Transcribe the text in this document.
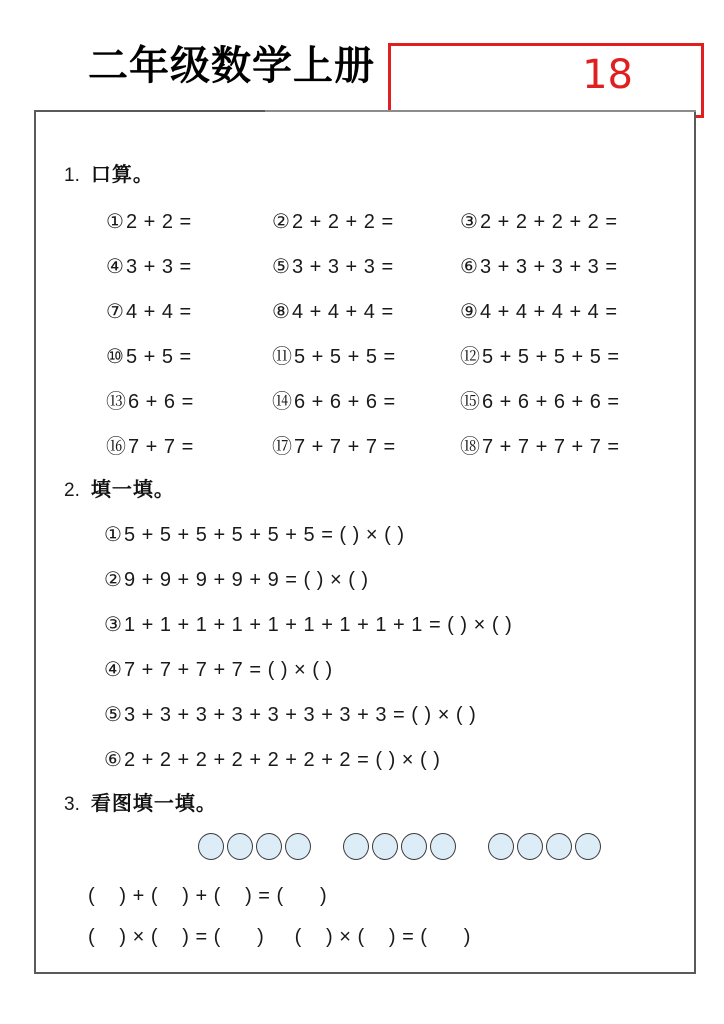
二年级数学上册	18
1. 口算。
① 2 + 2 =	② 2 + 2 + 2 =	③ 2 + 2 + 2 + 2 =
④ 3 + 3 =	⑤ 3 + 3 + 3 =	⑥ 3 + 3 + 3 + 3 =
⑦ 4 + 4 =	⑧ 4 + 4 + 4 =	⑨ 4 + 4 + 4 + 4 =
⑩ 5 + 5 =	⑪ 5 + 5 + 5 =	⑫ 5 + 5 + 5 + 5 =
⑬ 6 + 6 =	⑭ 6 + 6 + 6 =	⑮ 6 + 6 + 6 + 6 =
⑯ 7 + 7 =	⑰ 7 + 7 + 7 =	⑱ 7 + 7 + 7 + 7 =
2. 填一填。
① 5 + 5 + 5 + 5 + 5 + 5 = ( ) × ( )
② 9 + 9 + 9 + 9 + 9 = ( ) × ( )
③ 1 + 1 + 1 + 1 + 1 + 1 + 1 + 1 + 1 = ( ) × ( )
④ 7 + 7 + 7 + 7 = ( ) × ( )
⑤ 3 + 3 + 3 + 3 + 3 + 3 + 3 + 3 = ( ) × ( )
⑥ 2 + 2 + 2 + 2 + 2 + 2 + 2 = ( ) × ( )
3. 看图填一填。
(    ) + (    ) + (    ) = (      )
(    ) × (    ) = (      )     (    ) × (    ) = (      )
